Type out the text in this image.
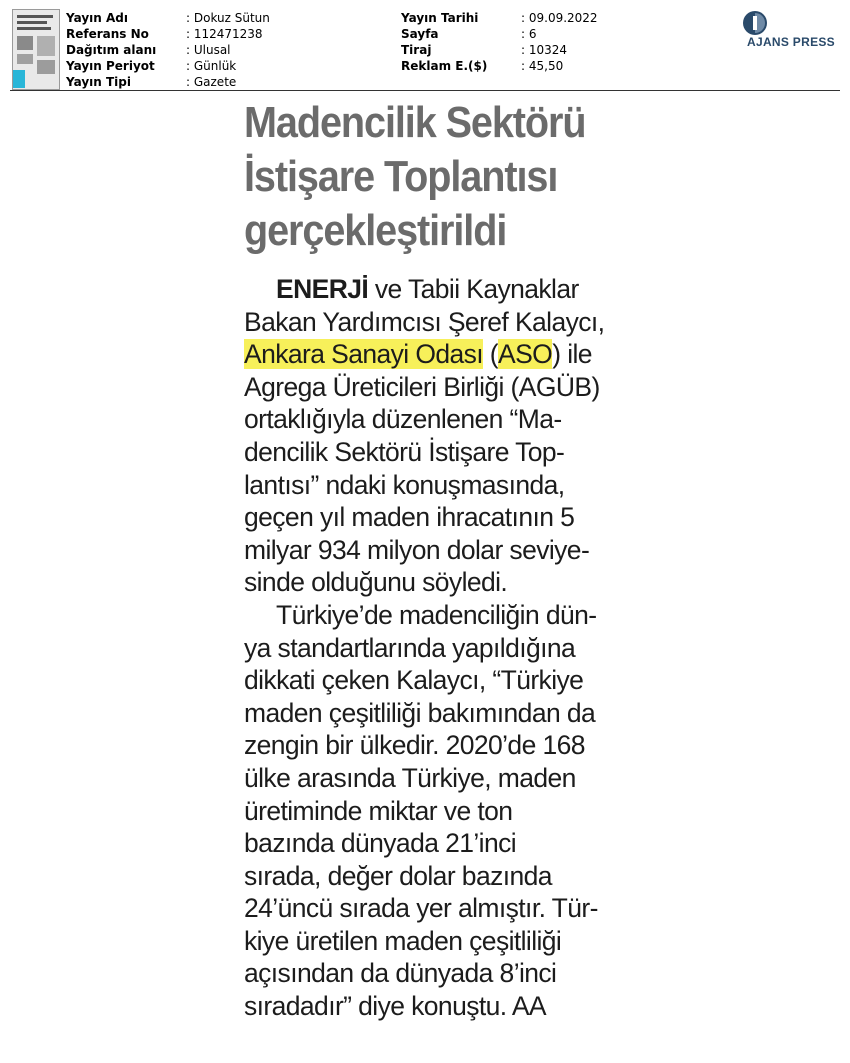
Yayın Adı	: Dokuz Sütun
Referans No	: 112471238
Dağıtım alanı	: Ulusal
Yayın Periyot	: Günlük
Yayın Tipi	: Gazete
Yayın Tarihi	: 09.09.2022
Sayfa	: 6
Tiraj	: 10324
Reklam E.($)	: 45,50
AJANS PRESS
Madencilik Sektörü
İstişare Toplantısı
gerçekleştirildi
ENERJİ ve Tabii Kaynaklar
Bakan Yardımcısı Şeref Kalaycı,
Ankara Sanayi Odası (ASO) ile
Agrega Üreticileri Birliği (AGÜB)
ortaklığıyla düzenlenen “Ma-
dencilik Sektörü İstişare Top-
lantısı” ndaki konuşmasında,
geçen yıl maden ihracatının 5
milyar 934 milyon dolar seviye-
sinde olduğunu söyledi.
Türkiye’de madenciliğin dün-
ya standartlarında yapıldığına
dikkati çeken Kalaycı, “Türkiye
maden çeşitliliği bakımından da
zengin bir ülkedir. 2020’de 168
ülke arasında Türkiye, maden
üretiminde miktar ve ton
bazında dünyada 21’inci
sırada, değer dolar bazında
24’üncü sırada yer almıştır. Tür-
kiye üretilen maden çeşitliliği
açısından da dünyada 8’inci
sıradadır” diye konuştu. AA
